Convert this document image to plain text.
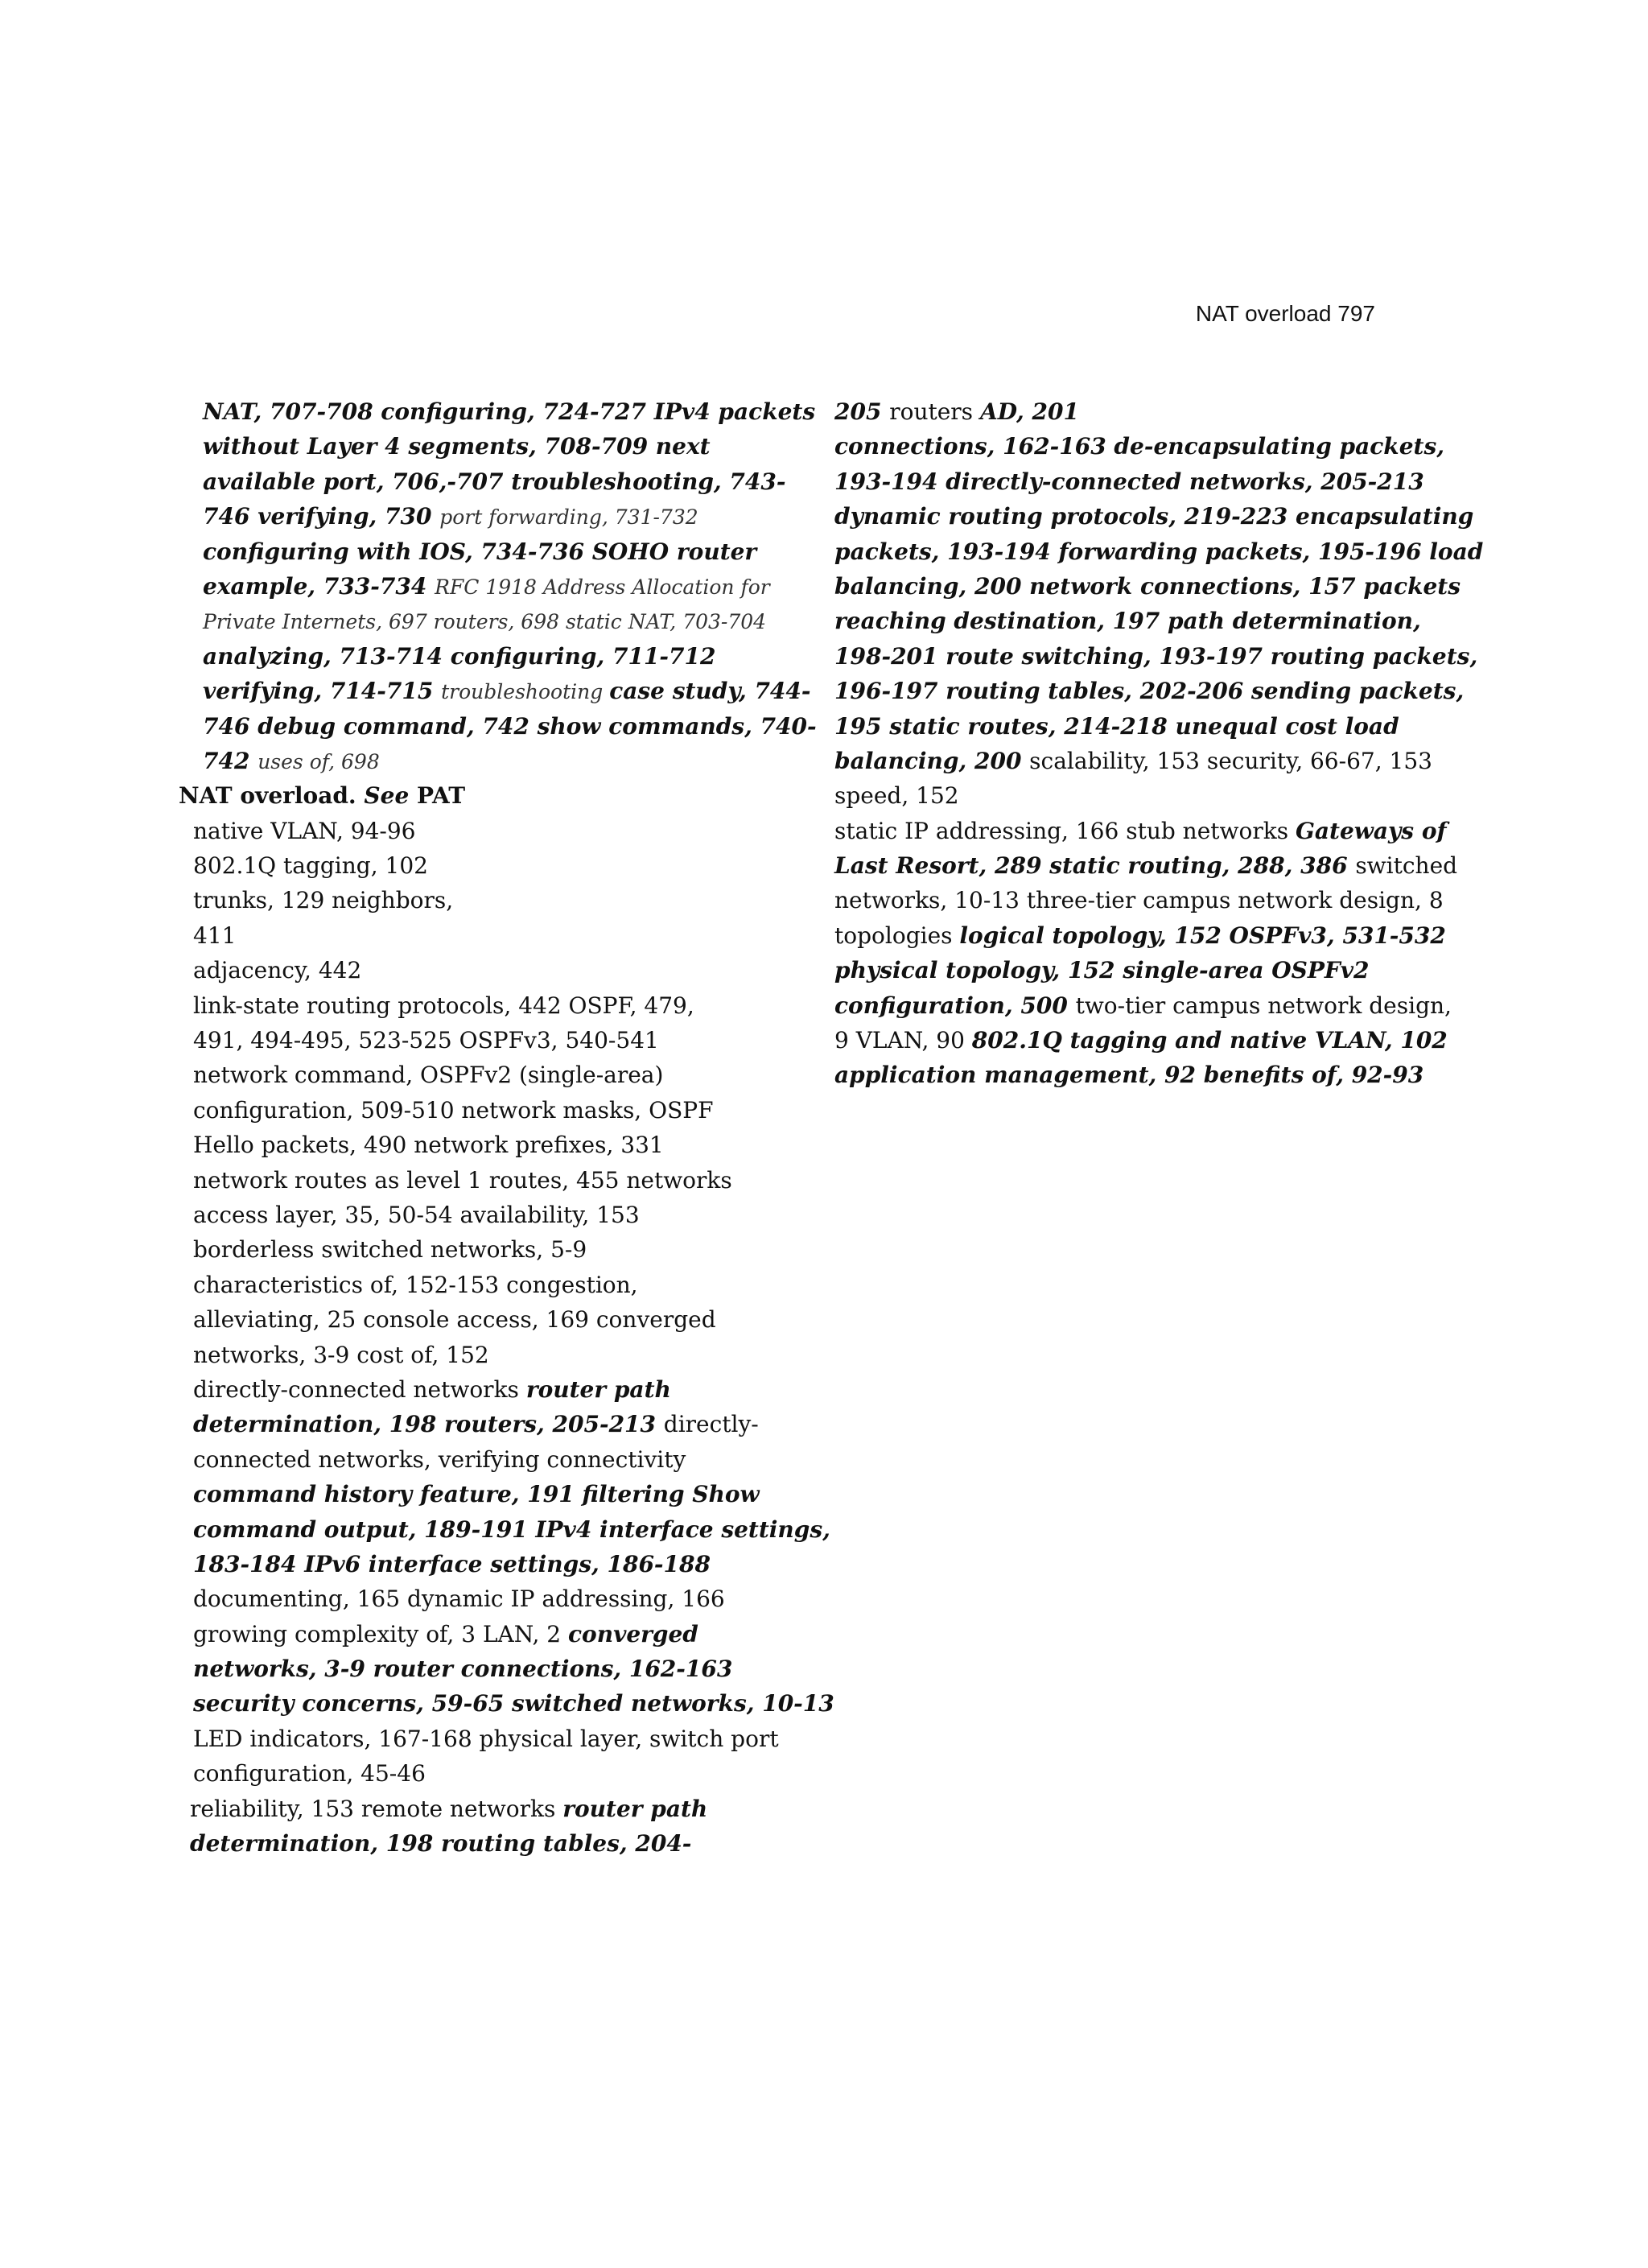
NAT overload 797
NAT, 707-708 configuring, 724-727 IPv4 packets
without Layer 4 segments, 708-709 next
available port, 706,-707 troubleshooting, 743-
746 verifying, 730 port forwarding, 731-732
configuring with IOS, 734-736 SOHO router
example, 733-734 RFC 1918 Address Allocation for
Private Internets, 697 routers, 698 static NAT, 703-704
analyzing, 713-714 configuring, 711-712
verifying, 714-715 troubleshooting case study, 744-
746 debug command, 742 show commands, 740-
742 uses of, 698
NAT overload. See PAT
native VLAN, 94-96
802.1Q tagging, 102
trunks, 129 neighbors,
411
adjacency, 442
link-state routing protocols, 442 OSPF, 479,
491, 494-495, 523-525 OSPFv3, 540-541
network command, OSPFv2 (single-area)
configuration, 509-510 network masks, OSPF
Hello packets, 490 network prefixes, 331
network routes as level 1 routes, 455 networks
access layer, 35, 50-54 availability, 153
borderless switched networks, 5-9
characteristics of, 152-153 congestion,
alleviating, 25 console access, 169 converged
networks, 3-9 cost of, 152
directly-connected networks router path
determination, 198 routers, 205-213 directly-
connected networks, verifying connectivity
command history feature, 191 filtering Show
command output, 189-191 IPv4 interface settings,
183-184 IPv6 interface settings, 186-188
documenting, 165 dynamic IP addressing, 166
growing complexity of, 3 LAN, 2 converged
networks, 3-9 router connections, 162-163
security concerns, 59-65 switched networks, 10-13
LED indicators, 167-168 physical layer, switch port
configuration, 45-46
reliability, 153 remote networks router path
determination, 198 routing tables, 204-
205 routers AD, 201
connections, 162-163 de-encapsulating packets,
193-194 directly-connected networks, 205-213
dynamic routing protocols, 219-223 encapsulating
packets, 193-194 forwarding packets, 195-196 load
balancing, 200 network connections, 157 packets
reaching destination, 197 path determination,
198-201 route switching, 193-197 routing packets,
196-197 routing tables, 202-206 sending packets,
195 static routes, 214-218 unequal cost load
balancing, 200 scalability, 153 security, 66-67, 153
speed, 152
static IP addressing, 166 stub networks Gateways of
Last Resort, 289 static routing, 288, 386 switched
networks, 10-13 three-tier campus network design, 8
topologies logical topology, 152 OSPFv3, 531-532
physical topology, 152 single-area OSPFv2
configuration, 500 two-tier campus network design,
9 VLAN, 90 802.1Q tagging and native VLAN, 102
application management, 92 benefits of, 92-93
